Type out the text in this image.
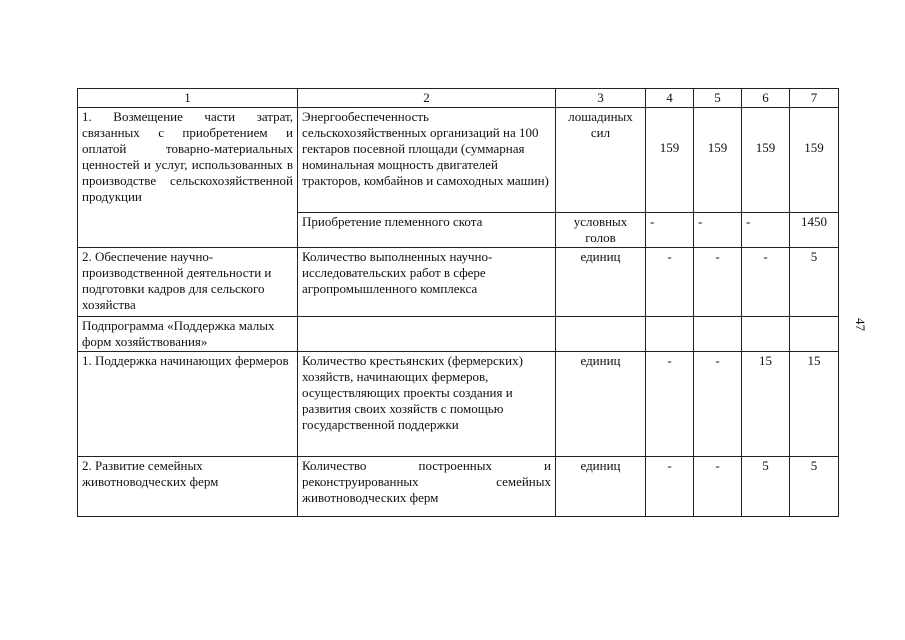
1	2	3	4	5	6	7
1. Возмещение части затрат, связанных с приобретением и оплатой товарно-материальных ценностей и услуг, использованных в производстве сельскохозяйственной продукции	Энергообеспеченность сельскохозяйственных организаций на 100 гектаров посевной площади (суммарная номинальная мощность двигателей тракторов, комбайнов и самоходных машин)	лошадиных сил	159	159	159	159
	Приобретение племенного скота	условных голов	-	-	-	1450
2. Обеспечение научно-производственной деятельности и подготовки кадров для сельского хозяйства	Количество выполненных научно-исследовательских работ в сфере агропромышленного комплекса	единиц	-	-	-	5
Подпрограмма «Поддержка малых форм хозяйствования»						
1. Поддержка начинающих фермеров	Количество крестьянских (фермерских) хозяйств, начинающих фермеров, осуществляющих проекты создания и развития своих хозяйств с помощью государственной поддержки	единиц	-	-	15	15
2. Развитие семейных животноводческих ферм	Количество построенных и реконструированных семейных животноводческих ферм	единиц	-	-	5	5
47
